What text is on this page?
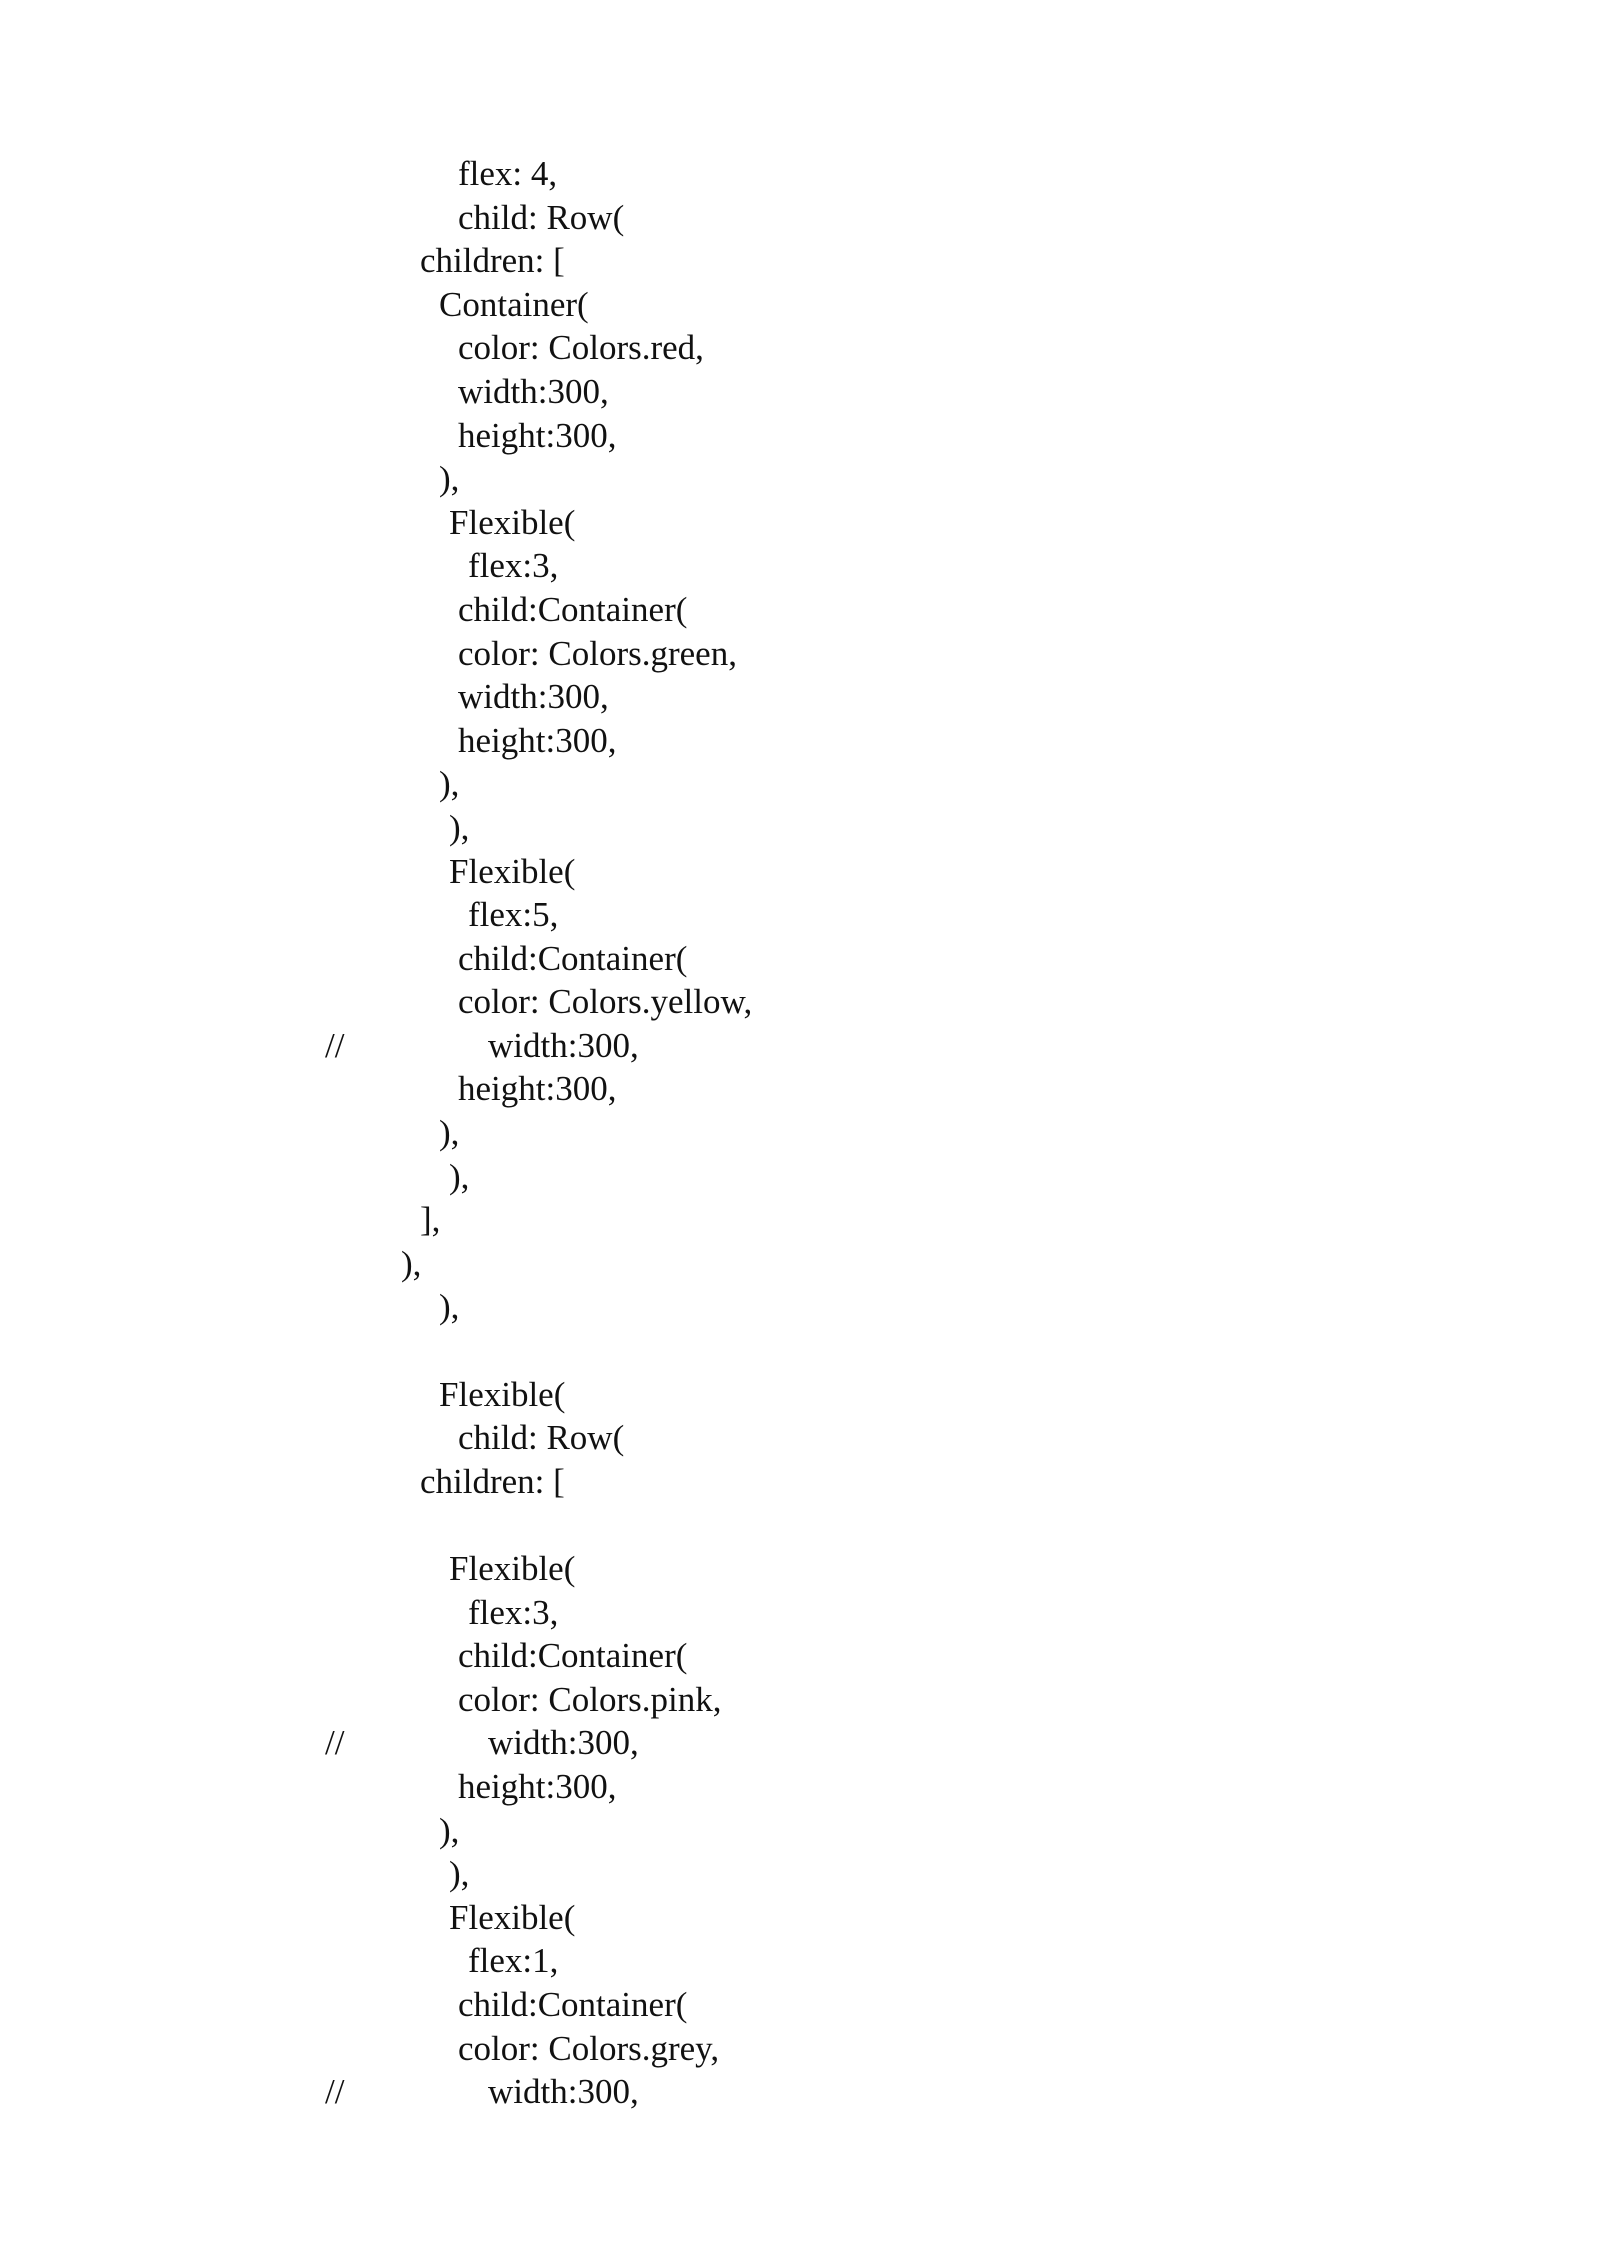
flex: 4,
child: Row(
children: [
Container(
color: Colors.red,
width:300,
height:300,
),
Flexible(
flex:3,
child:Container(
color: Colors.green,
width:300,
height:300,
),
),
Flexible(
flex:5,
child:Container(
color: Colors.yellow,
//	width:300,
height:300,
),
),
],
),
),
Flexible(
child: Row(
children: [
Flexible(
flex:3,
child:Container(
color: Colors.pink,
//	width:300,
height:300,
),
),
Flexible(
flex:1,
child:Container(
color: Colors.grey,
//	width:300,
